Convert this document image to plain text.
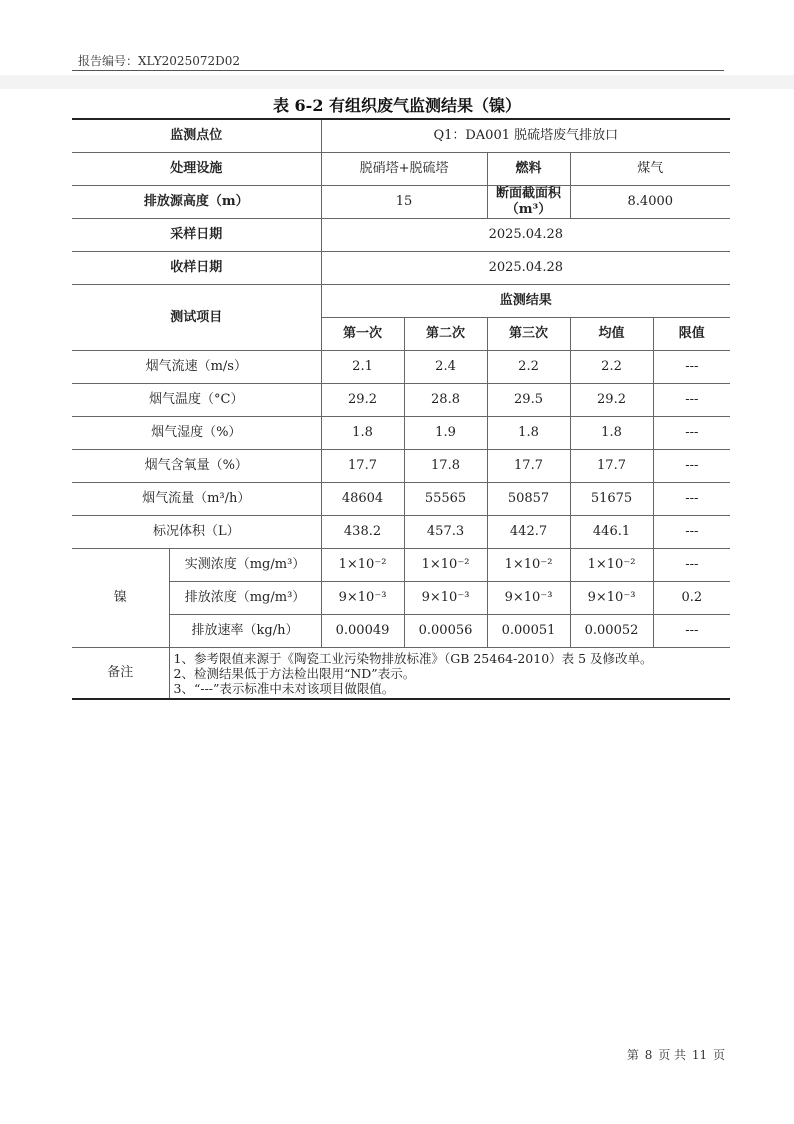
报告编号：XLY2025072D02
表 6-2 有组织废气监测结果（镍）
监测点位		Q1：DA001 脱硫塔废气排放口				
处理设施		脱硝塔+脱硫塔		燃料	煤气	
排放源高度（m）		15		断面截面积（m³）	8.4000	
采样日期		2025.04.28				
收样日期		2025.04.28				
测试项目		监测结果				
		第一次	第二次	第三次	均值	限值
烟气流速（m/s）		2.1	2.4	2.2	2.2	---
烟气温度（°C）		29.2	28.8	29.5	29.2	---
烟气湿度（%）		1.8	1.9	1.8	1.8	---
烟气含氧量（%）		17.7	17.8	17.7	17.7	---
烟气流量（m³/h）		48604	55565	50857	51675	---
标况体积（L）		438.2	457.3	442.7	446.1	---
镍	实测浓度（mg/m³）	1×10⁻²	1×10⁻²	1×10⁻²	1×10⁻²	---
	排放浓度（mg/m³）	9×10⁻³	9×10⁻³	9×10⁻³	9×10⁻³	0.2
	排放速率（kg/h）	0.00049	0.00056	0.00051	0.00052	---
备注	1、参考限值来源于《陶瓷工业污染物排放标准》（GB 25464-2010）表 5 及修改单。
2、检测结果低于方法检出限用“ND”表示。
3、“---”表示标准中未对该项目做限值。					
第 8 页 共 11 页
